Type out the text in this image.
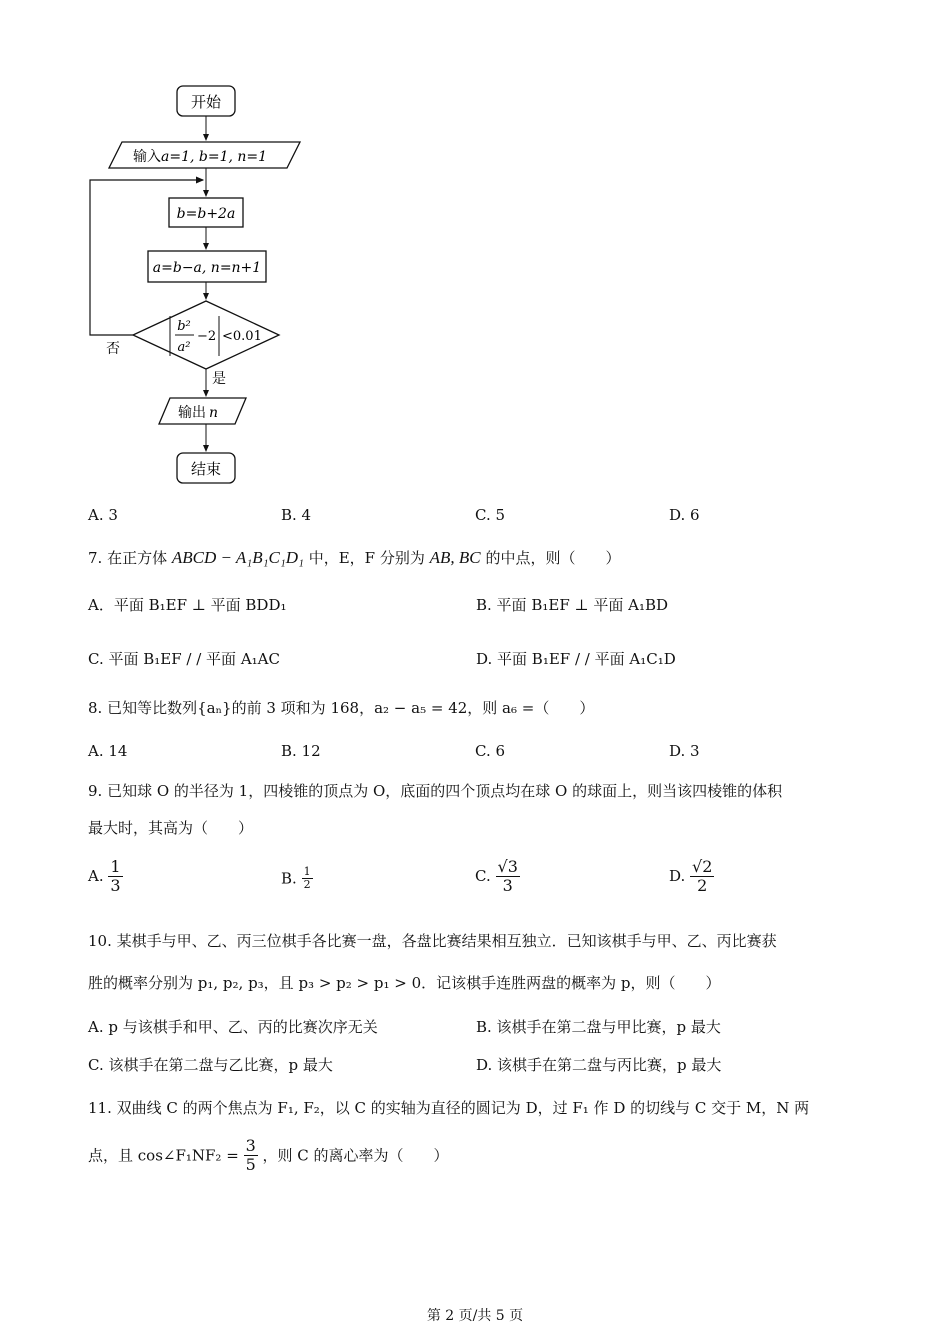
开始
输入a=1, b=1, n=1
b=b+2a
a=b−a, n=n+1
b²
a²
−2 <0.01
否
是
输出 n
结束
A. 3	B. 4	C. 5	D. 6
7. 在正方体 ABCD − A₁B₁C₁D₁ 中，E，F 分别为 AB, BC 的中点，则（　　）
A．平面 B₁EF ⊥ 平面 BDD₁	B. 平面 B₁EF ⊥ 平面 A₁BD
C. 平面 B₁EF / / 平面 A₁AC	D. 平面 B₁EF / / 平面 A₁C₁D
8. 已知等比数列{aₙ}的前 3 项和为 168，a₂ − a₅ = 42，则 a₆ =（　　）
A. 14	B. 12	C. 6	D. 3
9. 已知球 O 的半径为 1，四棱锥的顶点为 O，底面的四个顶点均在球 O 的球面上，则当该四棱锥的体积
最大时，其高为（　　）
A. $\frac{1}{3}$	B. $\frac{1}{2}$	C. $\frac{√3}{3}$	D. $\frac{√2}{2}$
10. 某棋手与甲、乙、丙三位棋手各比赛一盘，各盘比赛结果相互独立．已知该棋手与甲、乙、丙比赛获
胜的概率分别为 p₁, p₂, p₃，且 p₃ > p₂ > p₁ > 0．记该棋手连胜两盘的概率为 p，则（　　）
A. p 与该棋手和甲、乙、丙的比赛次序无关	B. 该棋手在第二盘与甲比赛，p 最大
C. 该棋手在第二盘与乙比赛，p 最大	D. 该棋手在第二盘与丙比赛，p 最大
11. 双曲线 C 的两个焦点为 F₁, F₂，以 C 的实轴为直径的圆记为 D，过 F₁ 作 D 的切线与 C 交于 M，N 两
点，且 cos∠F₁NF₂ = $\frac{3}{5}$ ，则 C 的离心率为（　　）
第 2 页/共 5 页
